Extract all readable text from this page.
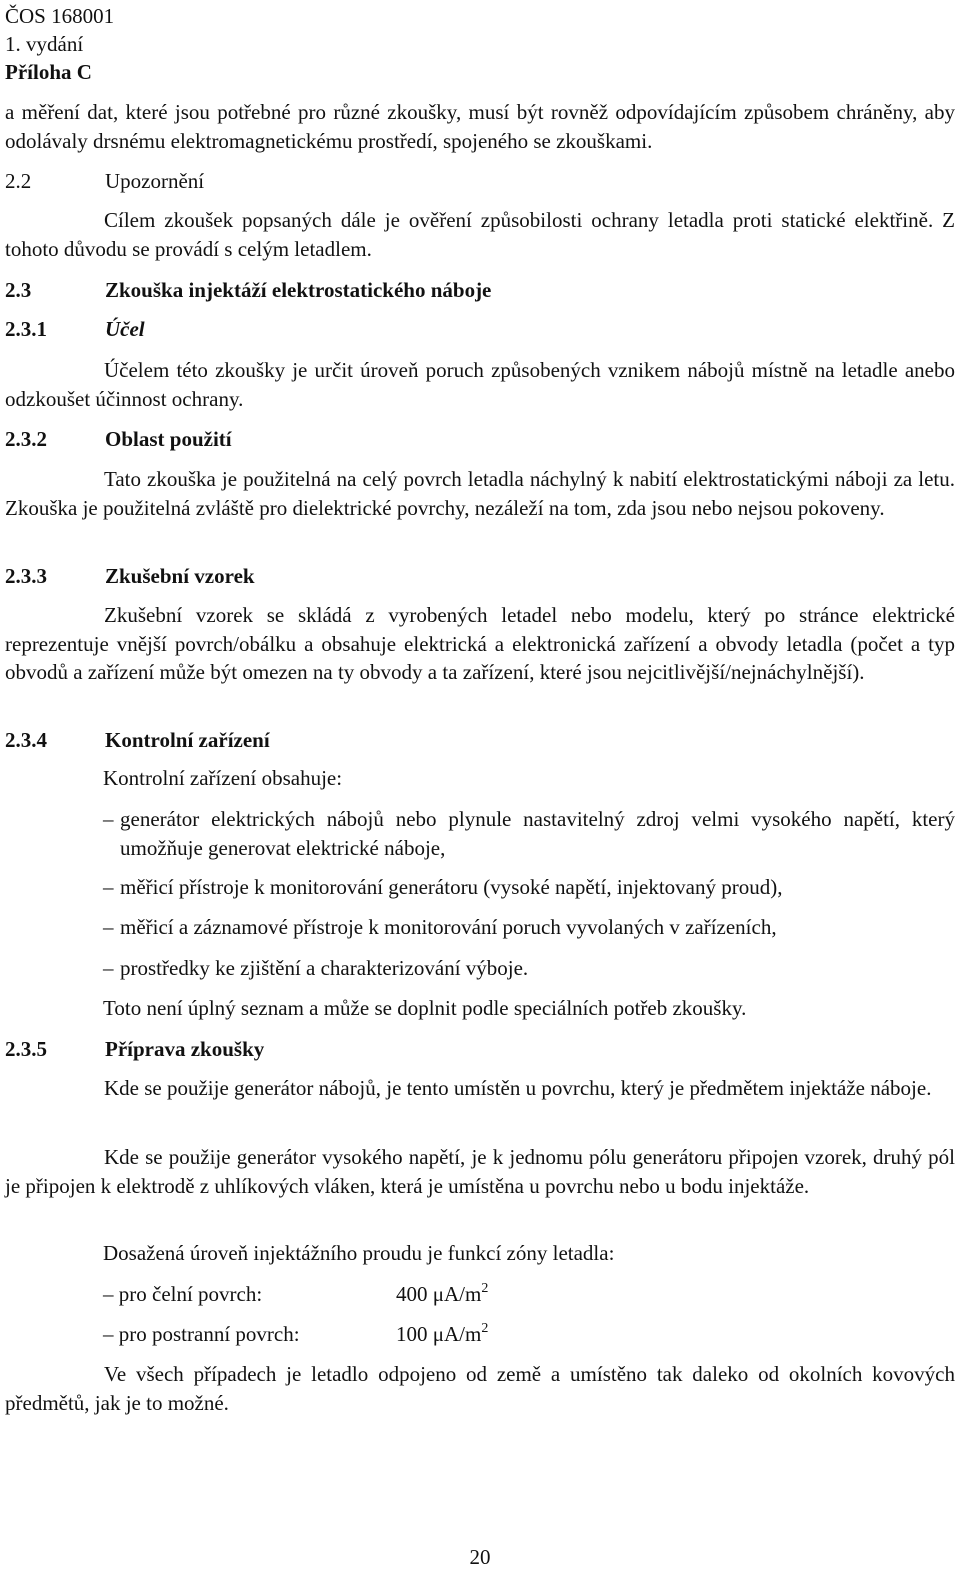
ČOS 168001
1. vydání
Příloha C
a měření dat, které jsou potřebné pro různé zkoušky, musí být rovněž odpovídajícím způsobem chráněny, aby odolávaly drsnému elektromagnetickému prostředí, spojeného se zkouškami.
2.2	Upozornění
Cílem zkoušek popsaných dále je ověření způsobilosti ochrany letadla proti statické elektřině. Z tohoto důvodu se provádí s celým letadlem.
2.3	Zkouška injektáží elektrostatického náboje
2.3.1	Účel
Účelem této zkoušky je určit úroveň poruch způsobených vznikem nábojů místně na letadle anebo odzkoušet účinnost ochrany.
2.3.2	Oblast použití
Tato zkouška je použitelná na celý povrch letadla náchylný k nabití elektrostatickými náboji za letu. Zkouška je použitelná zvláště pro dielektrické povrchy, nezáleží na tom, zda jsou nebo nejsou pokoveny.
2.3.3	Zkušební vzorek
Zkušební vzorek se skládá z vyrobených letadel nebo modelu, který po stránce elektrické reprezentuje vnější povrch/obálku a obsahuje elektrická a elektronická zařízení a obvody letadla (počet a typ obvodů a zařízení může být omezen na ty obvody a ta zařízení, které jsou nejcitlivější/nejnáchylnější).
2.3.4	Kontrolní zařízení
Kontrolní zařízení obsahuje:
– generátor elektrických nábojů nebo plynule nastavitelný zdroj velmi vysokého napětí, který umožňuje generovat elektrické náboje,
– měřicí přístroje k monitorování generátoru (vysoké napětí, injektovaný proud),
– měřicí a záznamové přístroje k monitorování poruch vyvolaných v zařízeních,
– prostředky ke zjištění a charakterizování výboje.
Toto není úplný seznam a může se doplnit podle speciálních potřeb zkoušky.
2.3.5	Příprava zkoušky
Kde se použije generátor nábojů, je tento umístěn u povrchu, který je předmětem injektáže náboje.
Kde se použije generátor vysokého napětí, je k jednomu pólu generátoru připojen vzorek, druhý pól je připojen k elektrodě z uhlíkových vláken, která je umístěna u povrchu nebo u bodu injektáže.
Dosažená úroveň injektážního proudu je funkcí zóny letadla:
– pro čelní povrch:	400 $\mu A/m^2$
– pro postranní povrch:	100 $\mu A/m^2$
Ve všech případech je letadlo odpojeno od země a umístěno tak daleko od okolních kovových předmětů, jak je to možné.
20
